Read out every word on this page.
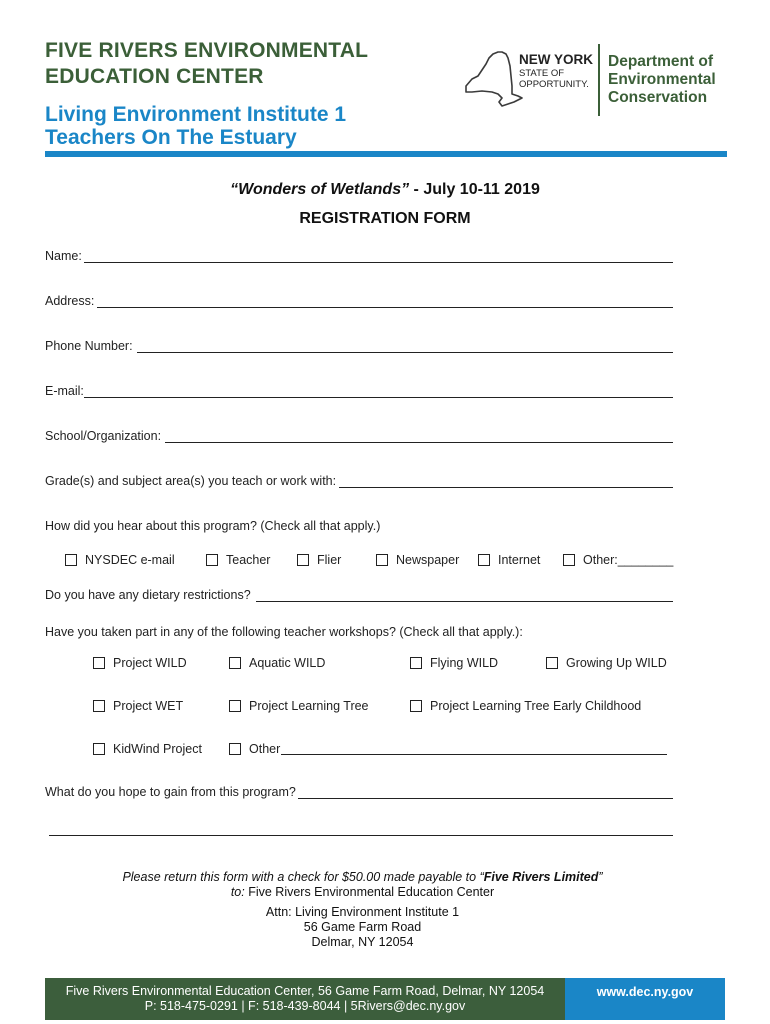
FIVE RIVERS ENVIRONMENTAL
EDUCATION CENTER
Living Environment Institute 1
Teachers On The Estuary
NEW YORK
STATE OF
OPPORTUNITY.
Department of
Environmental
Conservation
“Wonders of Wetlands” - July 10-11 2019
REGISTRATION FORM
Name:
Address:
Phone Number:
E-mail:
School/Organization:
Grade(s) and subject area(s) you teach or work with:
How did you hear about this program? (Check all that apply.)
NYSDEC e-mail	Teacher	Flier	Newspaper	Internet	Other:________
Do you have any dietary restrictions?
Have you taken part in any of the following teacher workshops? (Check all that apply.):
Project WILD	Aquatic WILD	Flying WILD	Growing Up WILD
Project WET	Project Learning Tree	Project Learning Tree Early Childhood
KidWind Project	Other
What do you hope to gain from this program?
Please return this form with a check for $50.00 made payable to “Five Rivers Limited”
to: Five Rivers Environmental Education Center
Attn: Living Environment Institute 1
56 Game Farm Road
Delmar, NY 12054
Five Rivers Environmental Education Center, 56 Game Farm Road, Delmar, NY 12054
P: 518-475-0291 | F: 518-439-8044 | 5Rivers@dec.ny.gov
www.dec.ny.gov
